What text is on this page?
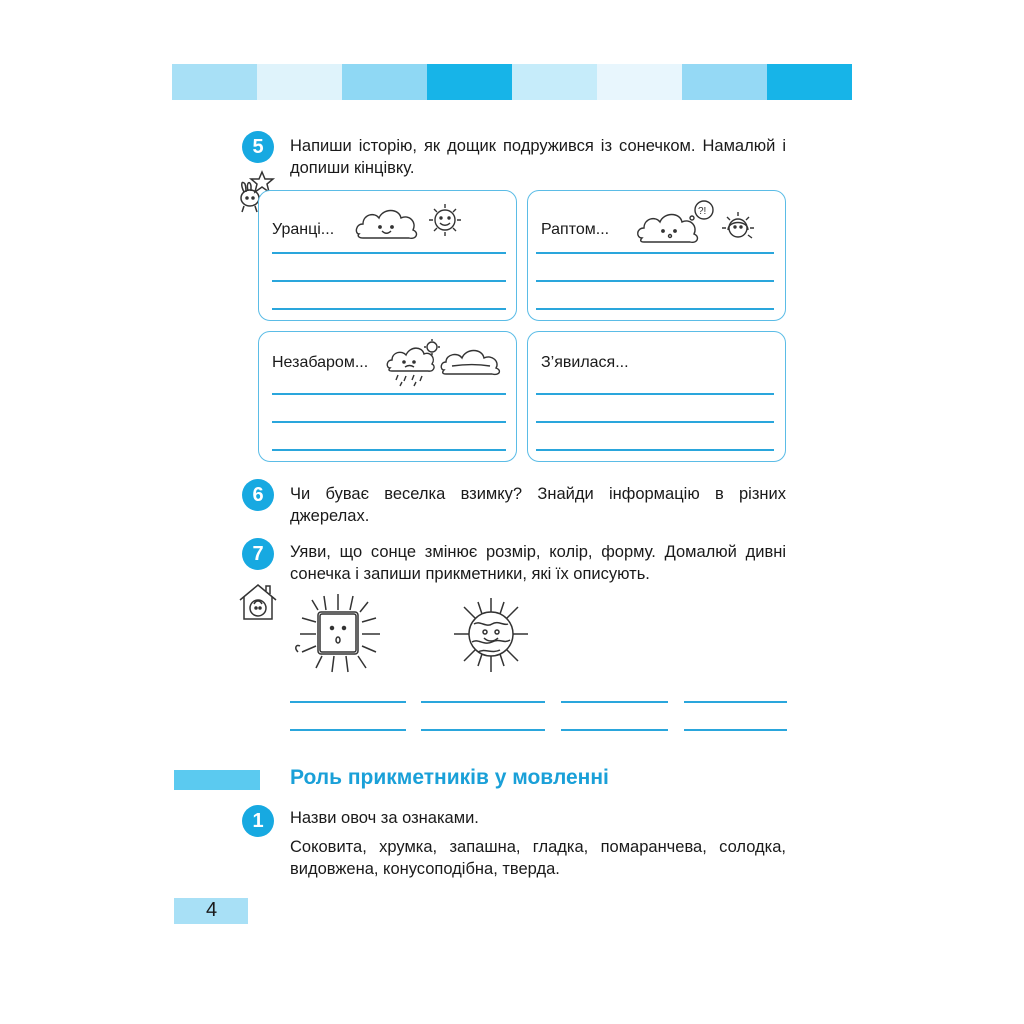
5	Напиши історію, як дощик подружився із сонечком. Намалюй і допиши кінцівку.
Уранці...	Раптом...
?!
Незабаром...	З’явилася...
6	Чи буває веселка взимку? Знайди інформацію в різних джерелах.
7	Уяви, що сонце змінює розмір, колір, форму. Домалюй дивні сонечка і запиши прикметники, які їх описують.
Роль прикметників у мовленні
1	Назви овоч за ознаками.
Соковита, хрумка, запашна, гладка, помаранчева, солодка, видовжена, конусоподібна, тверда.
4
